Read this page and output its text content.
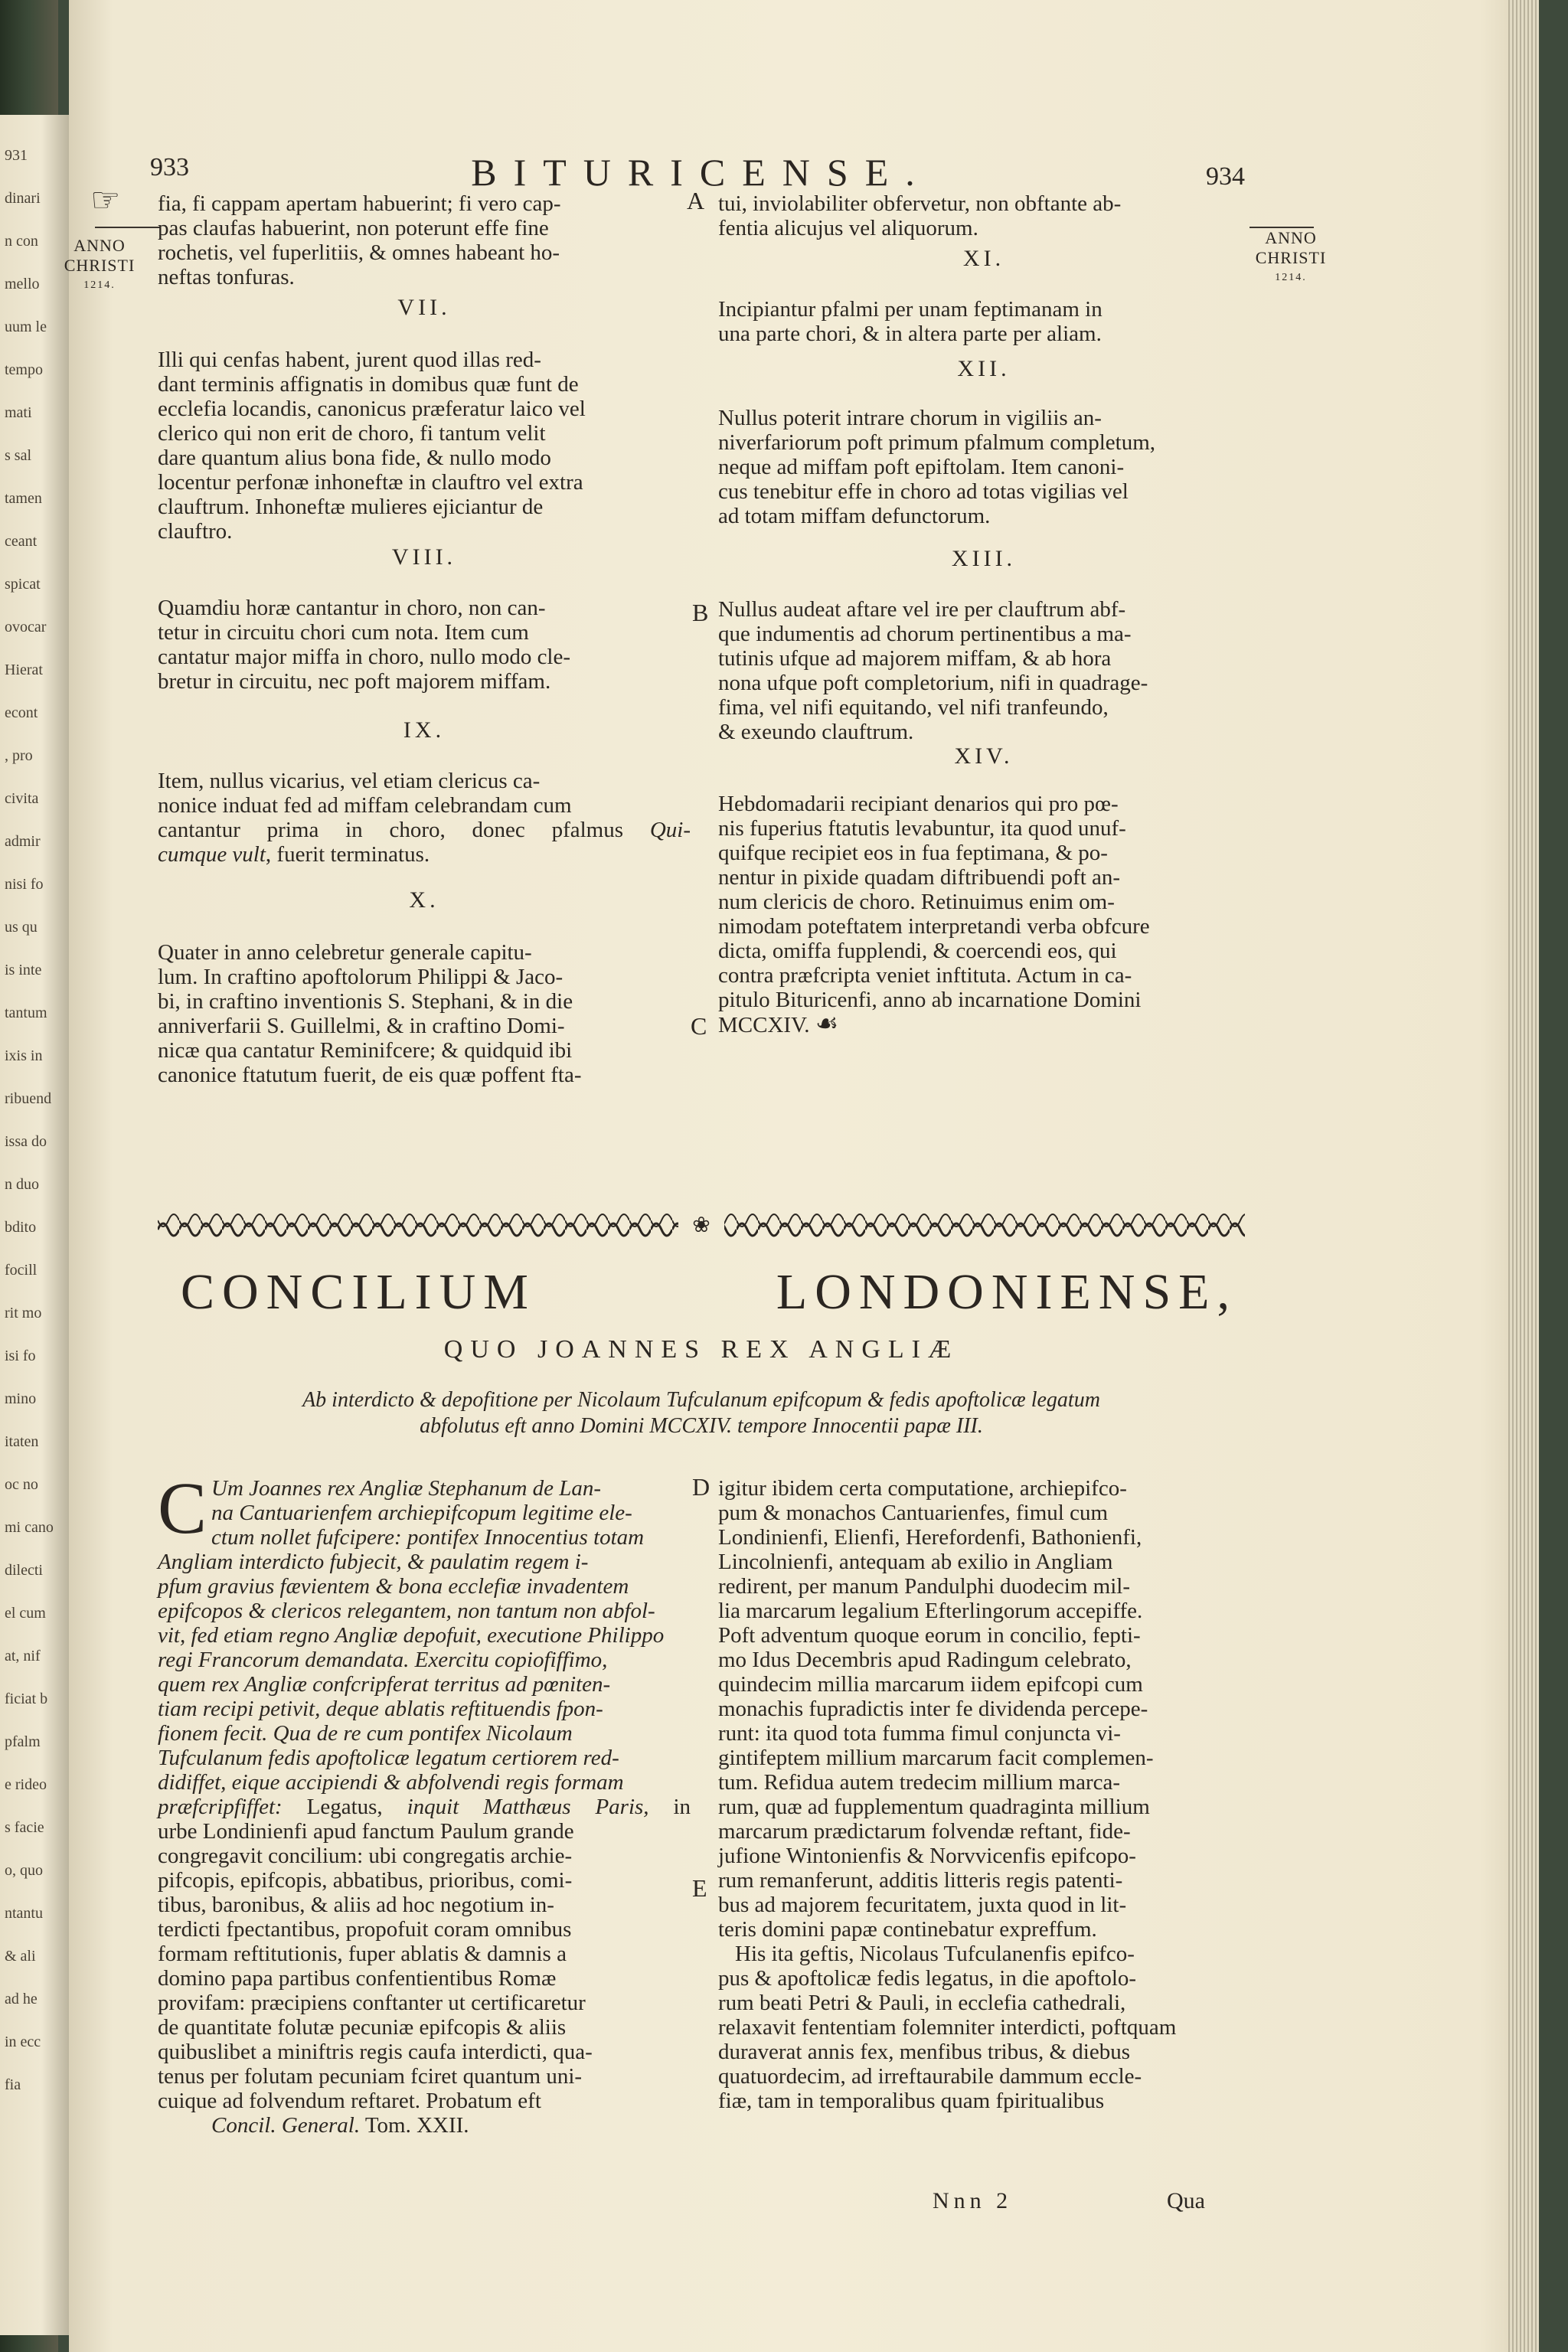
931
dinari
n con
mello
uum le
tempo
mati
s sal
tamen
ceant
spicat
ovocar
Hierat
econt
, pro
civita
admir
nisi fo
us qu
is inte
tantum
ixis in
ribuend
issa do
n duo
bdito
focill
rit mo
isi fo
mino
itaten
oc no
mi cano
dilecti
el cum
at, nif
ficiat b
pfalm
e rideo
s facie
o, quo
ntantu
& ali
ad he
in ecc
fia
☞
933	BITURICENSE.	934
ANNO
CHRISTI
1214.
ANNO
CHRISTI
1214.
A
B
C
D
E

fia, fi cappam apertam habuerint; fi vero cap-

pas claufas habuerint, non poterunt effe fine

rochetis, vel fuperlitiis, & omnes habeant ho-

neftas tonfuras.

VII.

Illi qui cenfas habent, jurent quod illas red-

dant terminis affignatis in domibus quæ funt de

ecclefia locandis, canonicus præferatur laico vel

clerico qui non erit de choro, fi tantum velit

dare quantum alius bona fide, & nullo modo

locentur perfonæ inhoneftæ in clauftro vel extra

clauftrum. Inhoneftæ mulieres ejiciantur de

clauftro.

VIII.

Quamdiu horæ cantantur in choro, non can-

tetur in circuitu chori cum nota. Item cum

cantatur major miffa in choro, nullo modo cle-

bretur in circuitu, nec poft majorem miffam.

IX.

Item, nullus vicarius, vel etiam clericus ca-

nonice induat fed ad miffam celebrandam cum

cantantur prima in choro, donec pfalmus Qui-

cumque vult, fuerit terminatus.

X.

Quater in anno celebretur generale capitu-

lum. In craftino apoftolorum Philippi & Jaco-

bi, in craftino inventionis S. Stephani, & in die

anniverfarii S. Guillelmi, & in craftino Domi-

nicæ qua cantatur Reminifcere; & quidquid ibi

canonice ftatutum fuerit, de eis quæ poffent fta-

tui, inviolabiliter obfervetur, non obftante ab-

fentia alicujus vel aliquorum.

XI.

Incipiantur pfalmi per unam feptimanam in

una parte chori, & in altera parte per aliam.

XII.

Nullus poterit intrare chorum in vigiliis an-

niverfariorum poft primum pfalmum completum,

neque ad miffam poft epiftolam. Item canoni-

cus tenebitur effe in choro ad totas vigilias vel

ad totam miffam defunctorum.

XIII.

Nullus audeat aftare vel ire per clauftrum abf-

que indumentis ad chorum pertinentibus a ma-

tutinis ufque ad majorem miffam, & ab hora

nona ufque poft completorium, nifi in quadrage-

fima, vel nifi equitando, vel nifi tranfeundo,

& exeundo clauftrum.

XIV.

Hebdomadarii recipiant denarios qui pro pœ-

nis fuperius ftatutis levabuntur, ita quod unuf-

quifque recipiet eos in fua feptimana, & po-

nentur in pixide quadam diftribuendi poft an-

num clericis de choro. Retinuimus enim om-

nimodam poteftatem interpretandi verba obfcure

dicta, omiffa fupplendi, & coercendi eos, qui

contra præfcripta veniet inftituta. Actum in ca-

pitulo Bituricenfi, anno ab incarnatione Domini

MCCXIV. ☙

❀
CONCILIUM LONDONIENSE,
QUO JOANNES REX ANGLIÆ
Ab interdicto & depofitione per Nicolaum Tufculanum epifcopum & fedis apoftolicæ legatum
abfolutus eft anno Domini MCCXIV. tempore Innocentii papæ III.
C Um Joannes rex Angliæ Stephanum de Lan-

na Cantuarienfem archiepifcopum legitime ele-

ctum nollet fufcipere: pontifex Innocentius totam

Angliam interdicto fubjecit, & paulatim regem i-

pfum gravius fævientem & bona ecclefiæ invadentem

epifcopos & clericos relegantem, non tantum non abfol-

vit, fed etiam regno Angliæ depofuit, executione Philippo

regi Francorum demandata. Exercitu copiofiffimo,

quem rex Angliæ confcripferat territus ad pœniten-

tiam recipi petivit, deque ablatis reftituendis fpon-

fionem fecit. Qua de re cum pontifex Nicolaum

Tufculanum fedis apoftolicæ legatum certiorem red-

didiffet, eique accipiendi & abfolvendi regis formam

præfcripfiffet: Legatus, inquit Matthæus Paris, in

urbe Londinienfi apud fanctum Paulum grande

congregavit concilium: ubi congregatis archie-

pifcopis, epifcopis, abbatibus, prioribus, comi-

tibus, baronibus, & aliis ad hoc negotium in-

terdicti fpectantibus, propofuit coram omnibus

formam reftitutionis, fuper ablatis & damnis a

domino papa partibus confentientibus Romæ

provifam: præcipiens conftanter ut certificaretur

de quantitate folutæ pecuniæ epifcopis & aliis

quibuslibet a miniftris regis caufa interdicti, qua-

tenus per folutam pecuniam fciret quantum uni-

cuique ad folvendum reftaret. Probatum eft

Concil. General. Tom. XXII.

igitur ibidem certa computatione, archiepifco-

pum & monachos Cantuarienfes, fimul cum

Londinienfi, Elienfi, Herefordenfi, Bathonienfi,

Lincolnienfi, antequam ab exilio in Angliam

redirent, per manum Pandulphi duodecim mil-

lia marcarum legalium Efterlingorum accepiffe.

Poft adventum quoque eorum in concilio, fepti-

mo Idus Decembris apud Radingum celebrato,

quindecim millia marcarum iidem epifcopi cum

monachis fupradictis inter fe dividenda percepe-

runt: ita quod tota fumma fimul conjuncta vi-

gintifeptem millium marcarum facit complemen-

tum. Refidua autem tredecim millium marca-

rum, quæ ad fupplementum quadraginta millium

marcarum prædictarum folvendæ reftant, fide-

jufione Wintonienfis & Norvvicenfis epifcopo-

rum remanferunt, additis litteris regis patenti-

bus ad majorem fecuritatem, juxta quod in lit-

teris domini papæ continebatur expreffum.

His ita geftis, Nicolaus Tufculanenfis epifco-

pus & apoftolicæ fedis legatus, in die apoftolo-

rum beati Petri & Pauli, in ecclefia cathedrali,

relaxavit fententiam folemniter interdicti, poftquam

duraverat annis fex, menfibus tribus, & diebus

quatuordecim, ad irreftaurabile dammum eccle-

fiæ, tam in temporalibus quam fpiritualibus

Nnn 2	Qua
